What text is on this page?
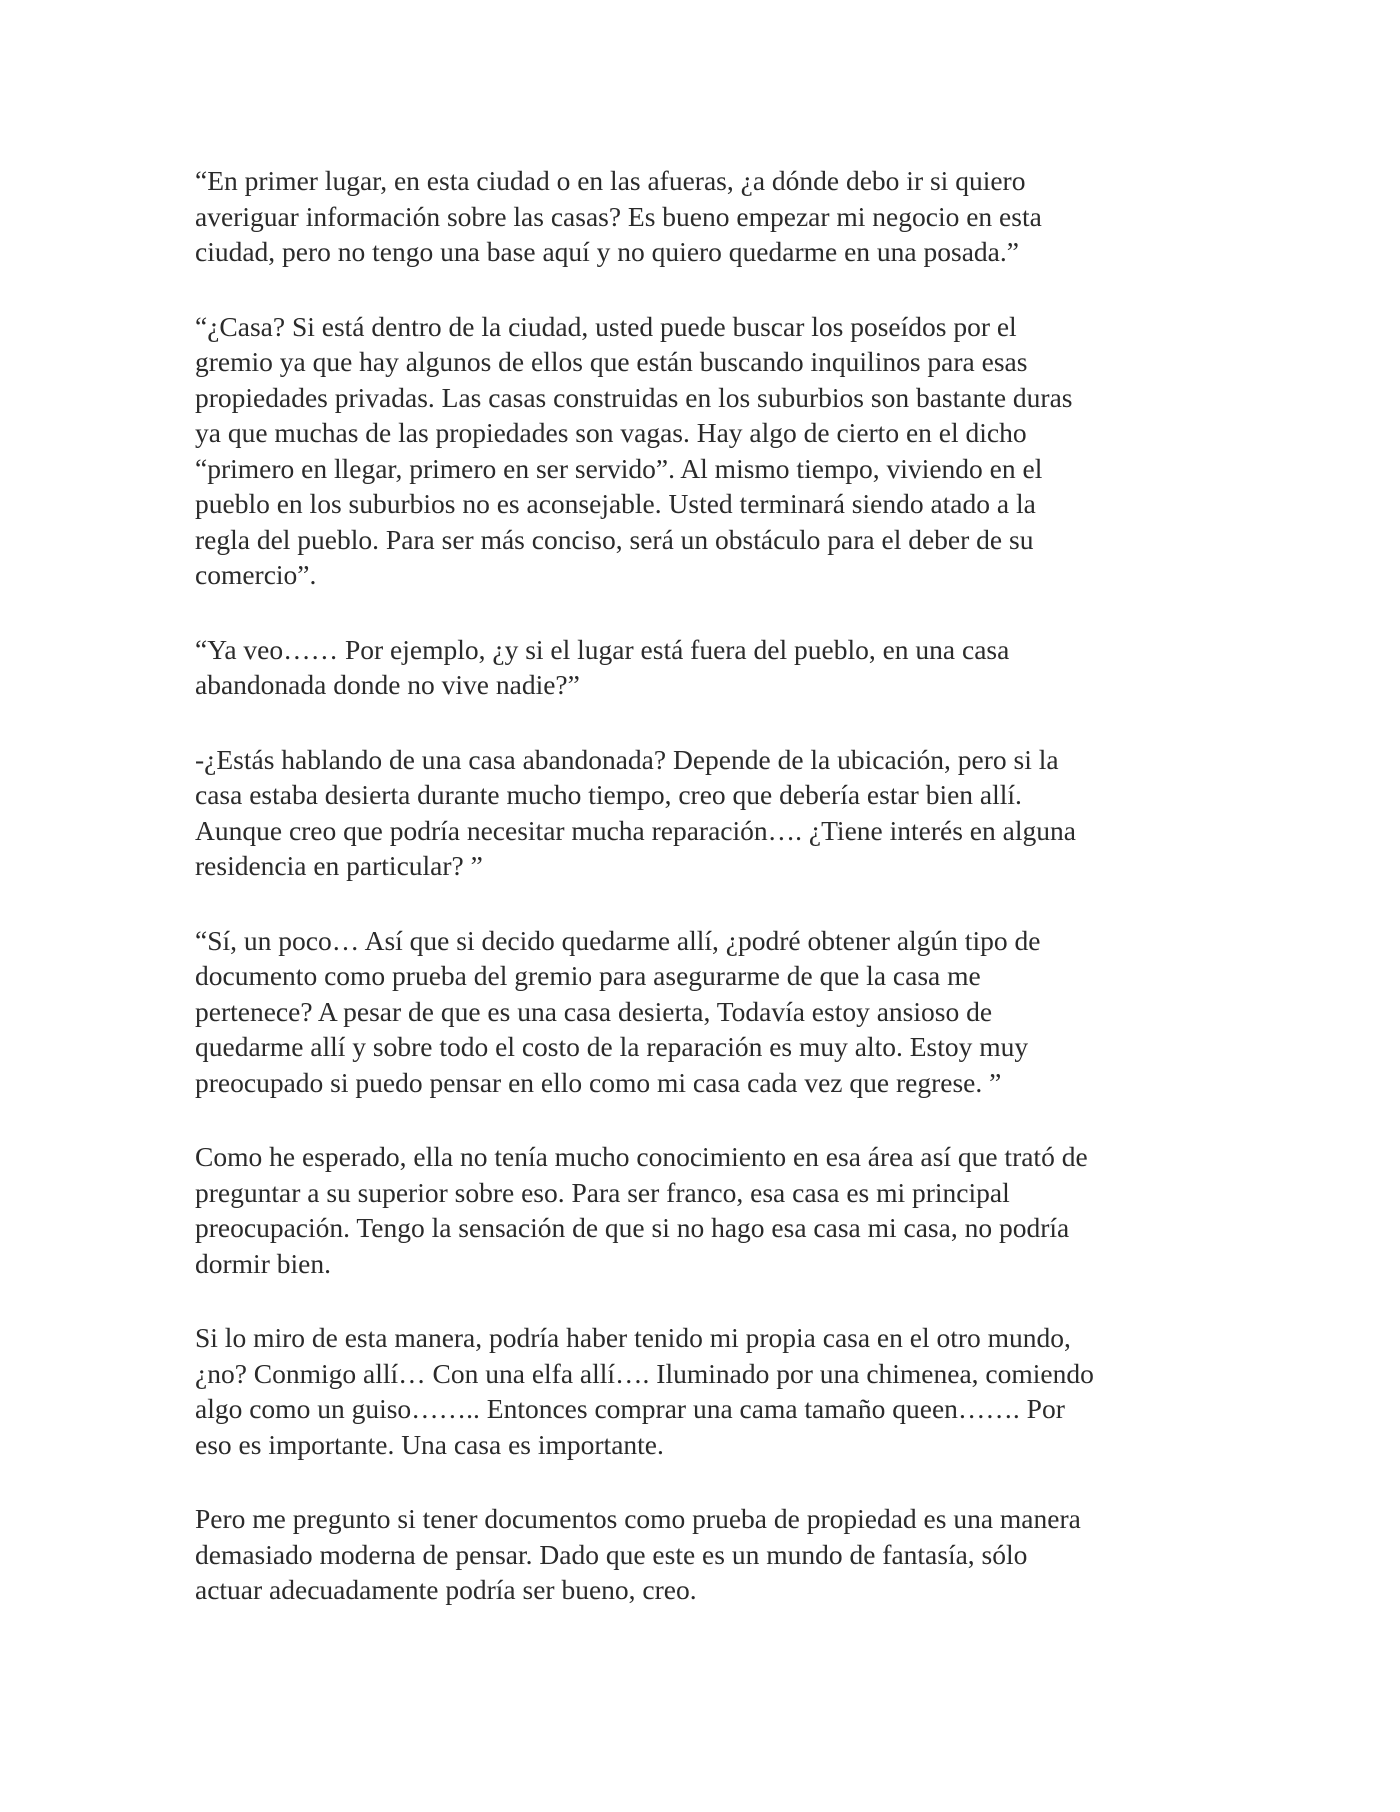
“En primer lugar, en esta ciudad o en las afueras, ¿a dónde debo ir si quiero
averiguar información sobre las casas? Es bueno empezar mi negocio en esta
ciudad, pero no tengo una base aquí y no quiero quedarme en una posada.”

“¿Casa? Si está dentro de la ciudad, usted puede buscar los poseídos por el
gremio ya que hay algunos de ellos que están buscando inquilinos para esas
propiedades privadas. Las casas construidas en los suburbios son bastante duras
ya que muchas de las propiedades son vagas. Hay algo de cierto en el dicho
“primero en llegar, primero en ser servido”. Al mismo tiempo, viviendo en el
pueblo en los suburbios no es aconsejable. Usted terminará siendo atado a la
regla del pueblo. Para ser más conciso, será un obstáculo para el deber de su
comercio”.

“Ya veo…… Por ejemplo, ¿y si el lugar está fuera del pueblo, en una casa
abandonada donde no vive nadie?”

-¿Estás hablando de una casa abandonada? Depende de la ubicación, pero si la
casa estaba desierta durante mucho tiempo, creo que debería estar bien allí.
Aunque creo que podría necesitar mucha reparación…. ¿Tiene interés en alguna
residencia en particular? ”

“Sí, un poco… Así que si decido quedarme allí, ¿podré obtener algún tipo de
documento como prueba del gremio para asegurarme de que la casa me
pertenece? A pesar de que es una casa desierta, Todavía estoy ansioso de
quedarme allí y sobre todo el costo de la reparación es muy alto. Estoy muy
preocupado si puedo pensar en ello como mi casa cada vez que regrese. ”

Como he esperado, ella no tenía mucho conocimiento en esa área así que trató de
preguntar a su superior sobre eso. Para ser franco, esa casa es mi principal
preocupación. Tengo la sensación de que si no hago esa casa mi casa, no podría
dormir bien.

Si lo miro de esta manera, podría haber tenido mi propia casa en el otro mundo,
¿no? Conmigo allí… Con una elfa allí…. Iluminado por una chimenea, comiendo
algo como un guiso…….. Entonces comprar una cama tamaño queen……. Por
eso es importante. Una casa es importante.

Pero me pregunto si tener documentos como prueba de propiedad es una manera
demasiado moderna de pensar. Dado que este es un mundo de fantasía, sólo
actuar adecuadamente podría ser bueno, creo.
